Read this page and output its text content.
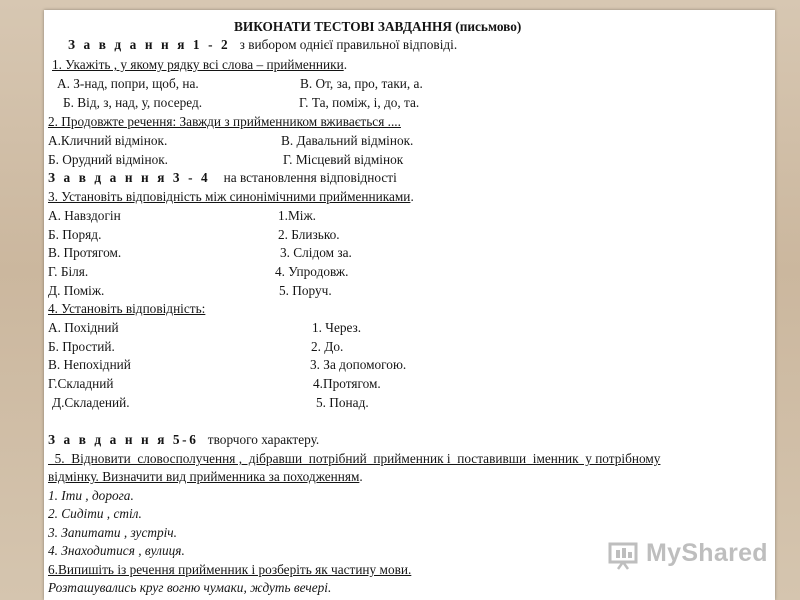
ВИКОНАТИ ТЕСТОВІ ЗАВДАННЯ (письмово)
З а в д а н н я 1 - 2 з вибором однієї правильної відповіді.
1. Укажіть , у якому рядку всі слова – прийменники.
А. З-над, попри, щоб, на.	В. От, за, про, таки, а.
Б. Від, з, над, у, посеред.	Г. Та, поміж, і, до, та.
2. Продовжте речення: Завжди з прийменником вживається ....
А.Кличний відмінок.	В. Давальний відмінок.
Б. Орудний відмінок.	Г. Місцевий відмінок
З а в д а н н я 3 - 4 на встановлення відповідності
3. Установіть відповідність між синонімічними прийменниками.
А. Навздогін	1.Між.
Б. Поряд.	2. Близько.
В. Протягом.	3. Слідом за.
Г. Біля.	4. Упродовж.
Д. Поміж.	5. Поруч.
4. Установіть відповідність:
А. Похідний	1. Через.
Б. Простий.	2. До.
В. Непохідний	3. За допомогою.
Г.Складний	4.Протягом.
Д.Складений.	5. Понад.
З а в д а н н я 5-6 творчого характеру.
5.  Відновити  словосполучення ,  дібравши  потрібний  прийменник і  поставивши  іменник  у потрібному
відмінку. Визначити вид прийменника за походженням.
1. Іти , дорога.
2. Сидіти , стіл.
3. Запитати , зустріч.
4. Знаходитися , вулиця.
6.Випишіть із речення прийменник і розберіть як частину мови.
Розташувались круг вогню чумаки, ждуть вечері.
MyShared
